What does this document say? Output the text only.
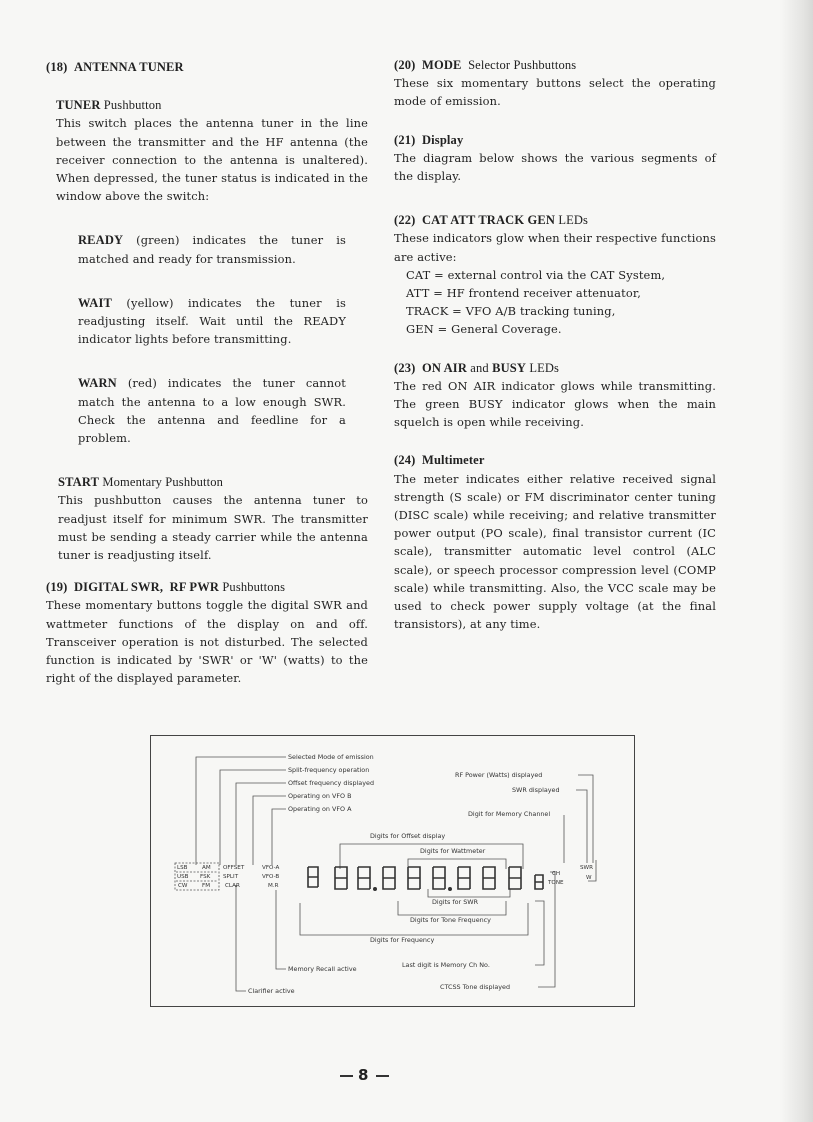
(18) ANTENNA TUNER

TUNER Pushbutton

This switch places the antenna tuner in the line between the transmitter and the HF antenna (the receiver connection to the antenna is unaltered). When depressed, the tuner status is indicated in the window above the switch:

READY (green) indicates the tuner is matched and ready for transmission.

WAIT (yellow) indicates the tuner is readjusting itself. Wait until the READY indicator lights before transmitting.

WARN (red) indicates the tuner cannot match the antenna to a low enough SWR. Check the antenna and feedline for a problem.

START Momentary Pushbutton

This pushbutton causes the antenna tuner to readjust itself for minimum SWR. The transmitter must be sending a steady carrier while the antenna tuner is readjusting itself.

(19) DIGITAL SWR, RF PWR Pushbuttons

These momentary buttons toggle the digital SWR and wattmeter functions of the display on and off. Transceiver operation is not disturbed. The selected function is indicated by 'SWR' or 'W' (watts) to the right of the displayed parameter.

(20) MODE Selector Pushbuttons

These six momentary buttons select the operating mode of emission.

(21) Display

The diagram below shows the various segments of the display.

(22) CAT ATT TRACK GEN LEDs

These indicators glow when their respective functions are active:

CAT = external control via the CAT System,

ATT = HF frontend receiver attenuator,

TRACK = VFO A/B tracking tuning,

GEN = General Coverage.

(23) ON AIR and BUSY LEDs

The red ON AIR indicator glows while transmitting. The green BUSY indicator glows when the main squelch is open while receiving.

(24) Multimeter

The meter indicates either relative received signal strength (S scale) or FM discriminator center tuning (DISC scale) while receiving; and relative transmitter power output (PO scale), final transistor current (IC scale), transmitter automatic level control (ALC scale), or speech processor compression level (COMP scale) while transmitting. Also, the VCC scale may be used to check power supply voltage (at the final transistors), at any time.

Selected Mode of emission
Split-frequency operation
Offset frequency displayed
Operating on VFO B
Operating on VFO A
RF Power (Watts) displayed
SWR displayed
Digit for Memory Channel
Digits for Offset display
Digits for Wattmeter
Digits for SWR
Digits for Tone Frequency
Digits for Frequency
Memory Recall active	Last digit is Memory Ch No.
Clarifier active	CTCSS Tone displayed
LSB	AM
USB FSK
CW	FM
OFFSET
SPLIT
CLAR
VFO-A
VFO-B
M.R
CH
TONE
SWR
W
8
